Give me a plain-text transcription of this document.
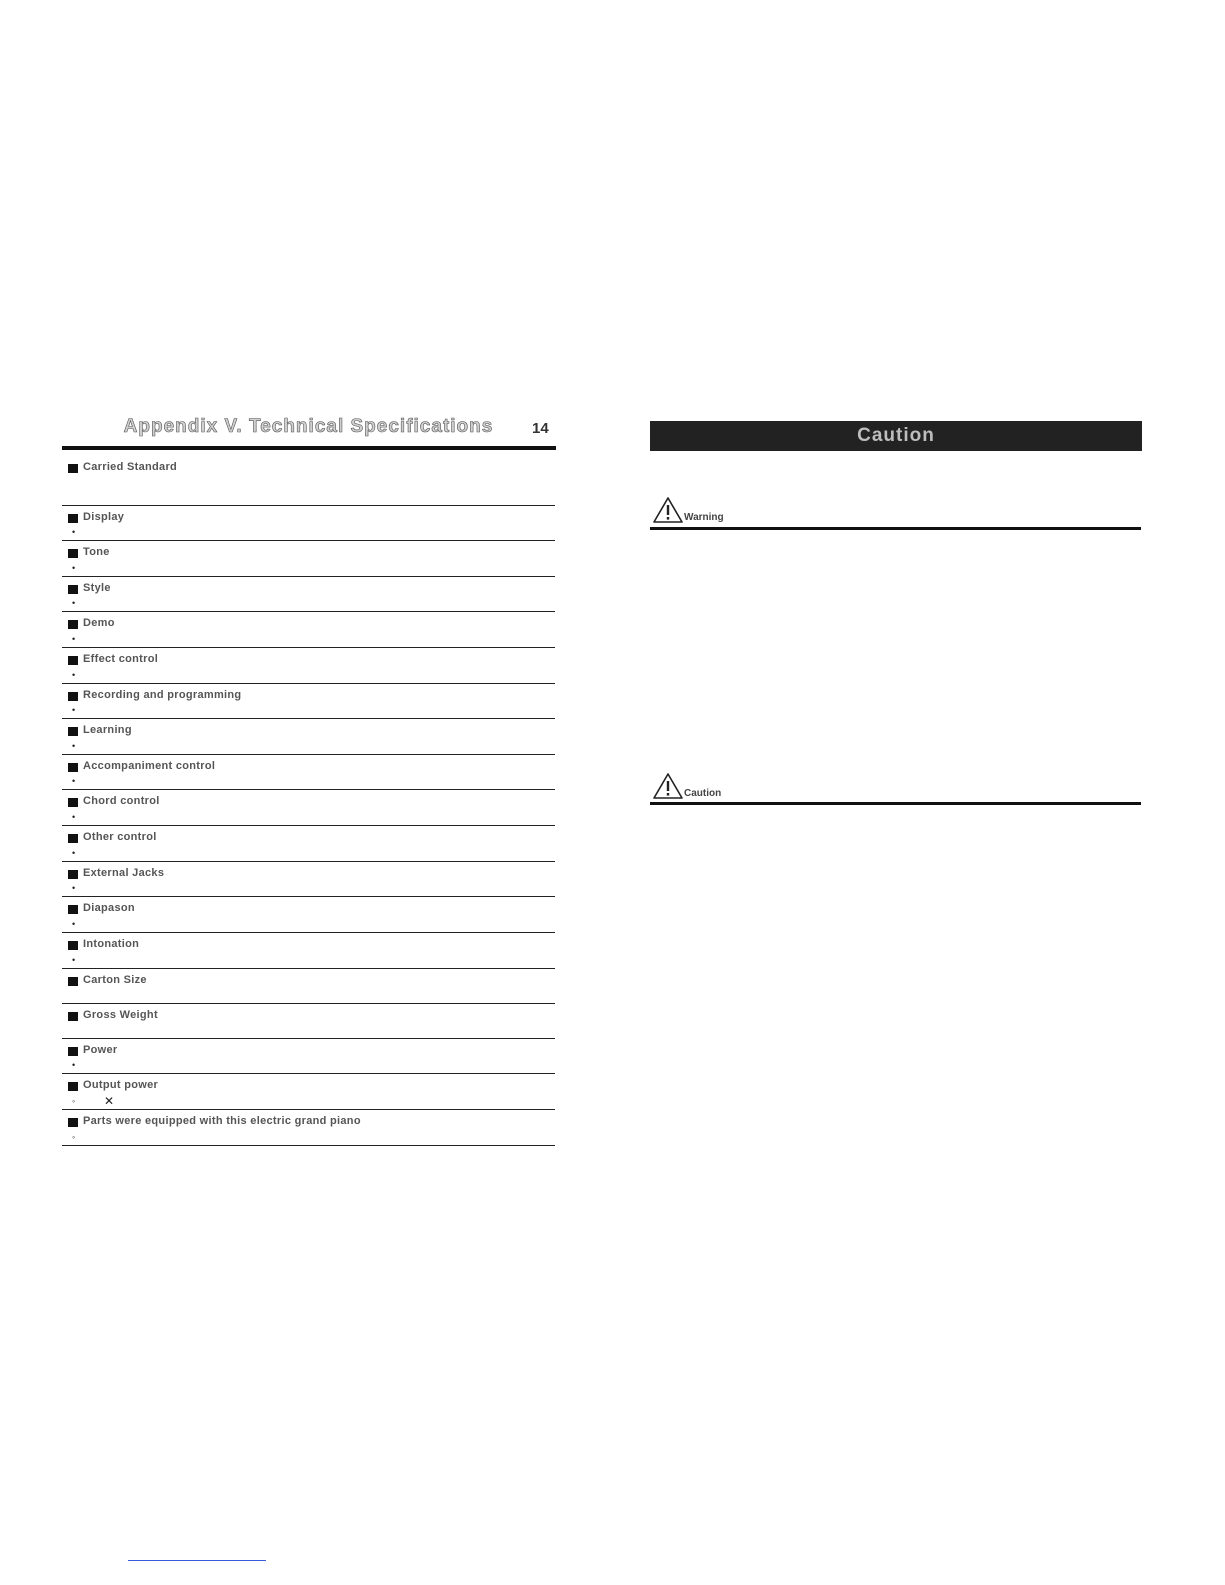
Appendix V. Technical Specifications	14
Carried Standard
Display
•
Tone
•
Style
•
Demo
•
Effect control
•
Recording and programming
•
Learning
•
Accompaniment control
•
Chord control
•
Other control
•
External Jacks
•
Diapason
•
Intonation
•
Carton Size
Gross Weight
Power
•
Output power
◦ ✕
Parts were equipped with this electric grand piano
◦
Caution
Warning
Caution
